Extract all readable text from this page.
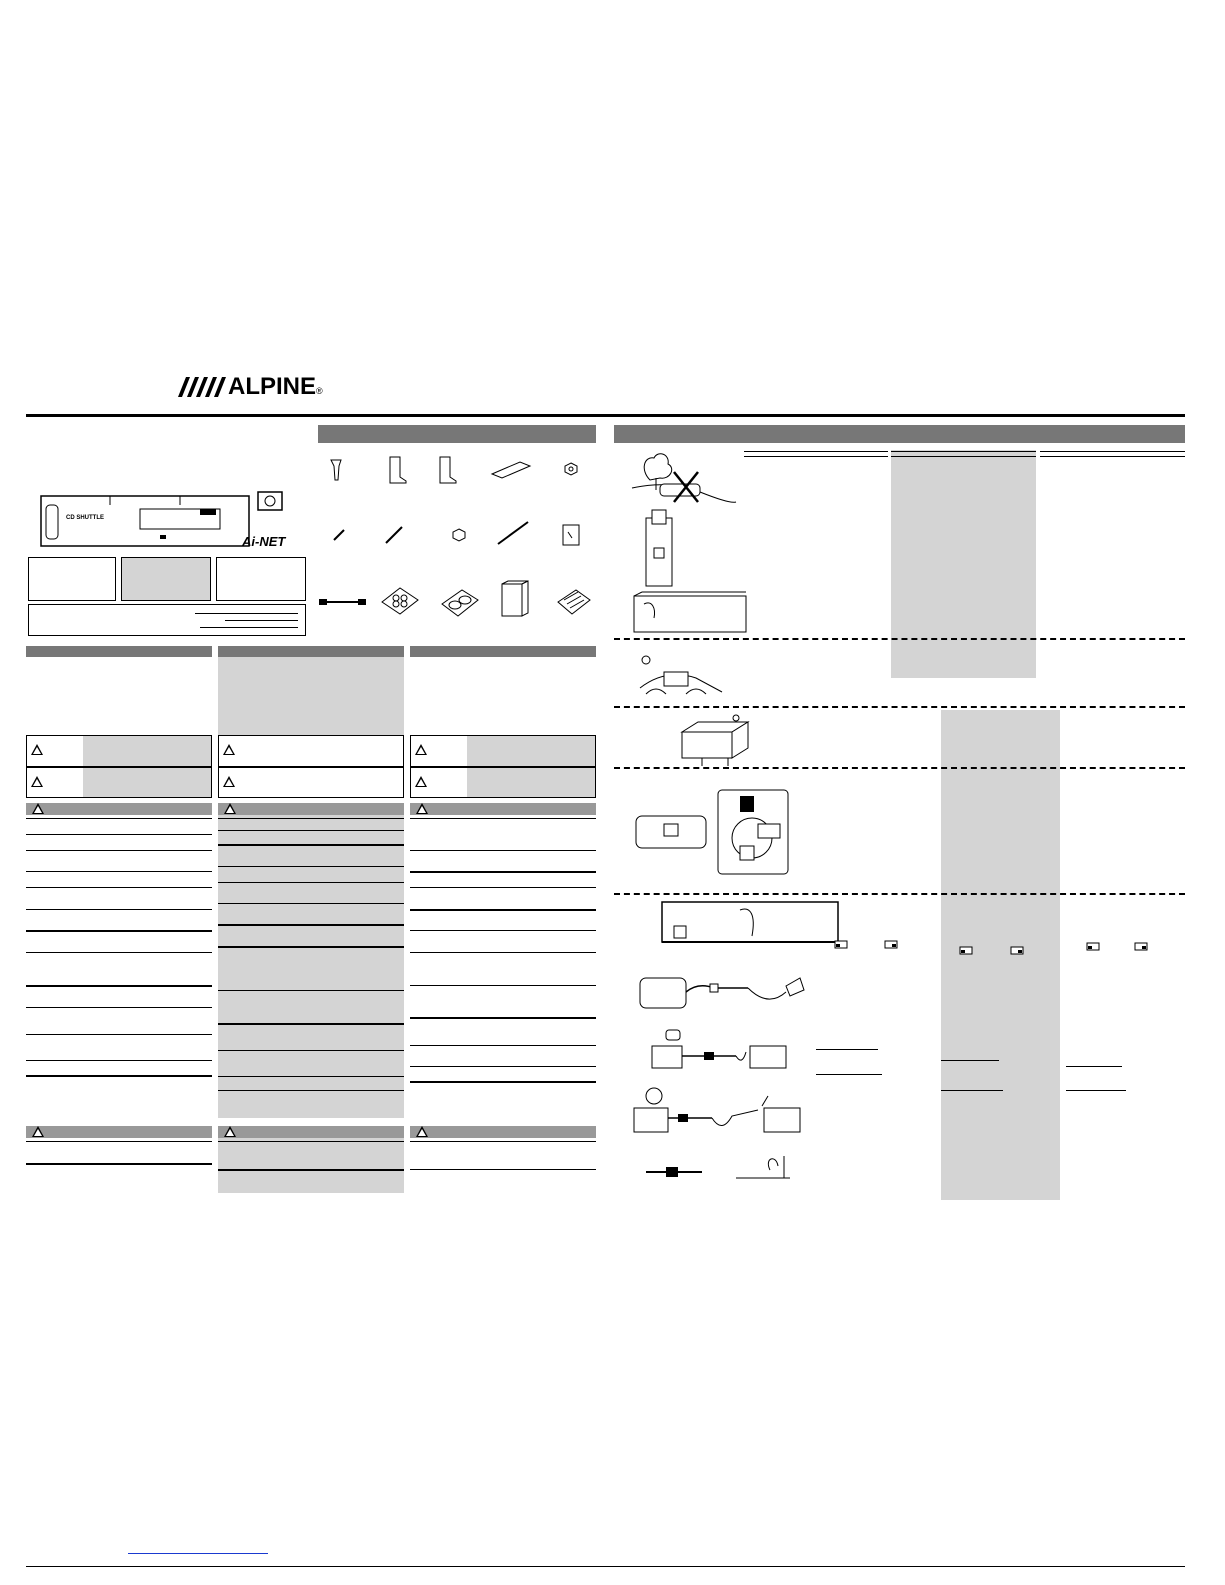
ALPINE®
CD SHUTTLE
Ai-NET
